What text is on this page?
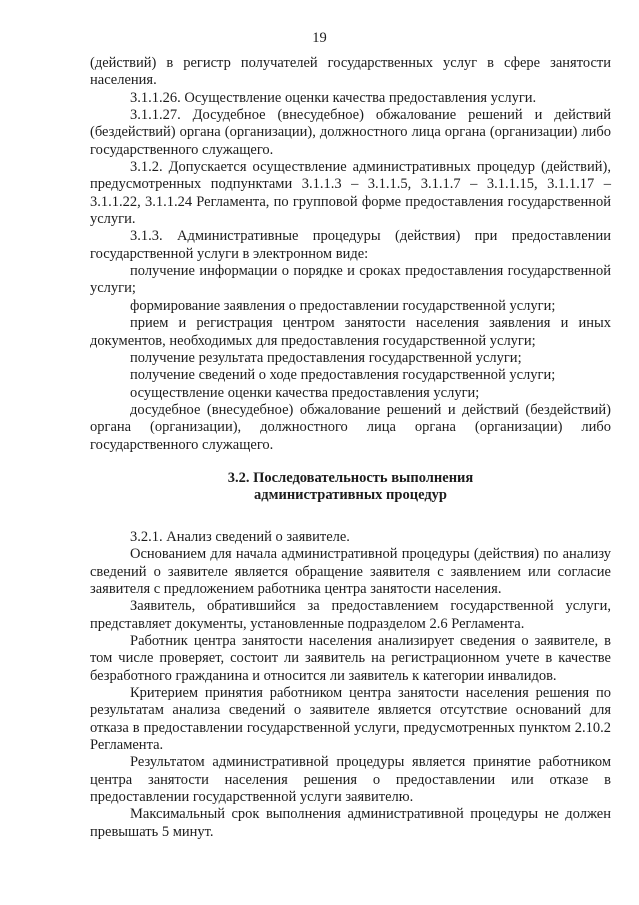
19

(действий) в регистр получателей государственных услуг в сфере занятости населения.

3.1.1.26. Осуществление оценки качества предоставления услуги.

3.1.1.27. Досудебное (внесудебное) обжалование решений и действий (бездействий) органа (организации), должностного лица органа (организации) либо государственного служащего.

3.1.2. Допускается осуществление административных процедур (действий), предусмотренных подпунктами 3.1.1.3 – 3.1.1.5, 3.1.1.7 – 3.1.1.15, 3.1.1.17 – 3.1.1.22, 3.1.1.24 Регламента, по групповой форме предоставления государственной услуги.

3.1.3. Административные процедуры (действия) при предоставлении государственной услуги в электронном виде:

получение информации о порядке и сроках предоставления государственной услуги;

формирование заявления о предоставлении государственной услуги;

прием и регистрация центром занятости населения заявления и иных документов, необходимых для предоставления государственной услуги;

получение результата предоставления государственной услуги;

получение сведений о ходе предоставления государственной услуги;

осуществление оценки качества предоставления услуги;

досудебное (внесудебное) обжалование решений и действий (бездействий) органа (организации), должностного лица органа (организации) либо государственного служащего.

3.2. Последовательность выполнения
административных процедур

3.2.1. Анализ сведений о заявителе.

Основанием для начала административной процедуры (действия) по анализу сведений о заявителе является обращение заявителя с заявлением или согласие заявителя с предложением работника центра занятости населения.

Заявитель, обратившийся за предоставлением государственной услуги, представляет документы, установленные подразделом 2.6 Регламента.

Работник центра занятости населения анализирует сведения о заявителе, в том числе проверяет, состоит ли заявитель на регистрационном учете в качестве безработного гражданина и относится ли заявитель к категории инвалидов.

Критерием принятия работником центра занятости населения решения по результатам анализа сведений о заявителе является отсутствие оснований для отказа в предоставлении государственной услуги, предусмотренных пунктом 2.10.2 Регламента.

Результатом административной процедуры является принятие работником центра занятости населения решения о предоставлении или отказе в предоставлении государственной услуги заявителю.

Максимальный срок выполнения административной процедуры не должен превышать 5 минут.
